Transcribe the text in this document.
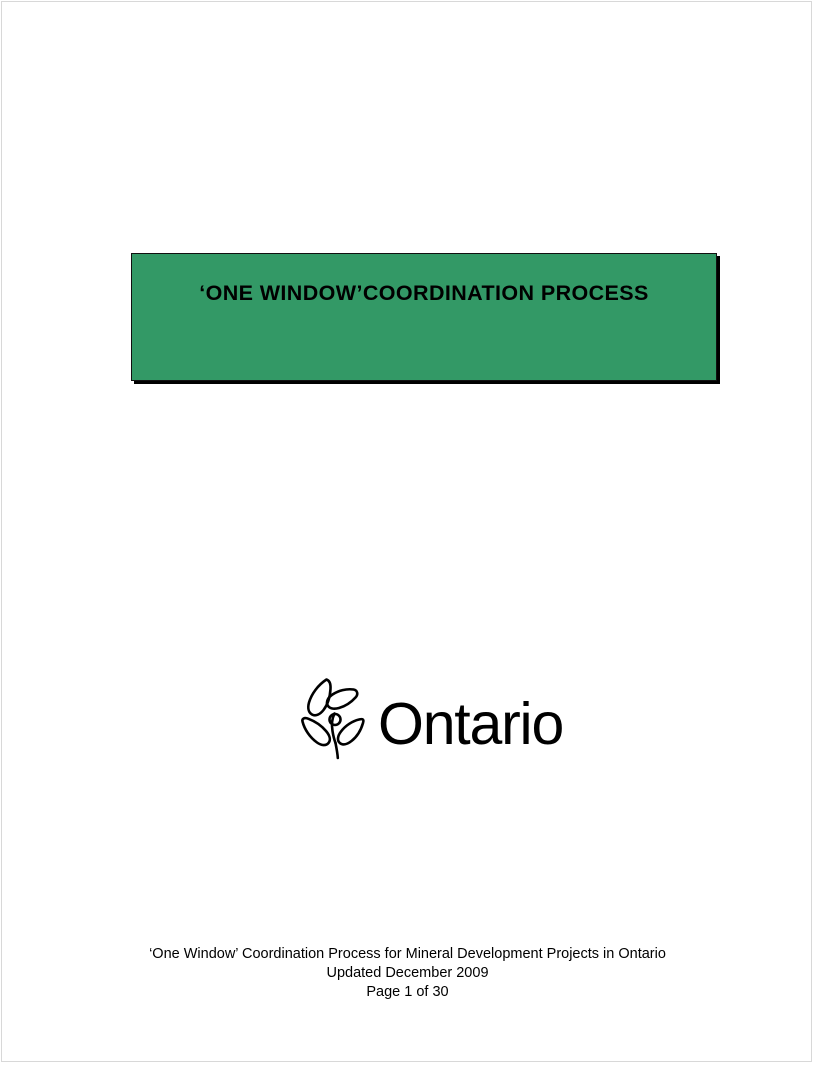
‘ONE WINDOW’COORDINATION PROCESS
Ontario
‘One Window’ Coordination Process for Mineral Development Projects in Ontario
Updated December 2009
Page 1 of 30
